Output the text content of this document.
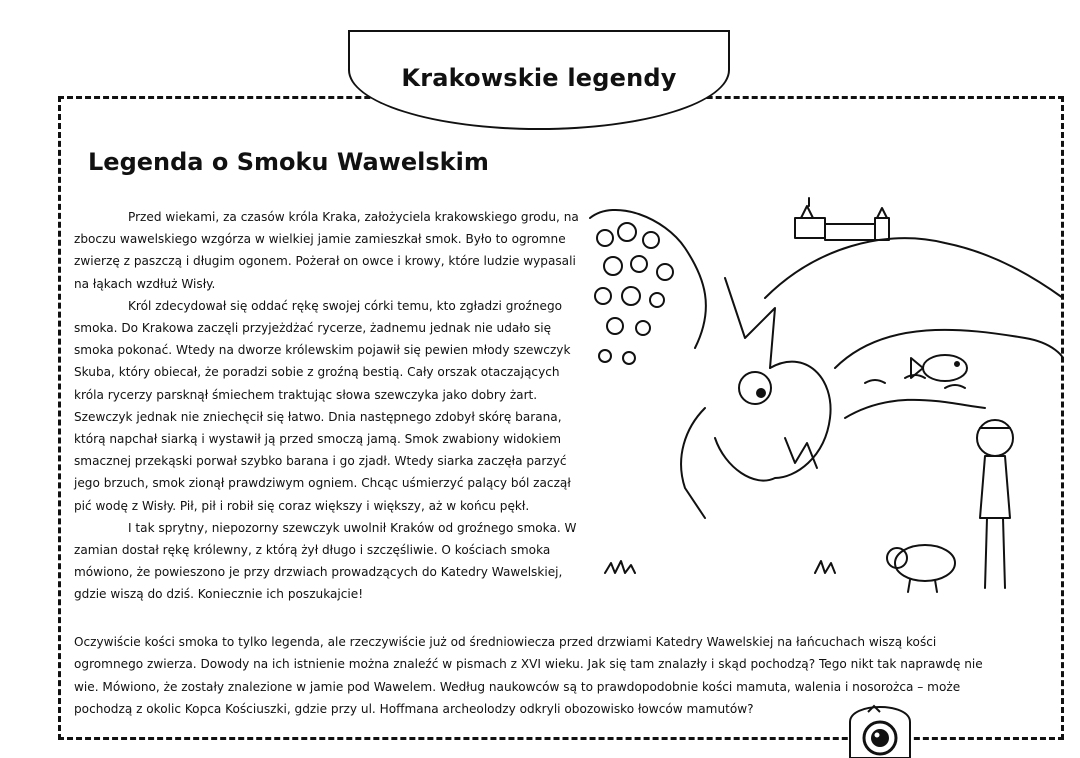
Krakowskie legendy
Legenda o Smoku Wawelskim

Przed wiekami, za czasów króla Kraka, założyciela krakowskiego grodu, na zboczu wawelskiego wzgórza w wielkiej jamie zamieszkał smok. Było to ogromne zwierzę z paszczą i długim ogonem. Pożerał on owce i krowy, które ludzie wypasali na łąkach wzdłuż Wisły.

Król zdecydował się oddać rękę swojej córki temu, kto zgładzi groźnego smoka. Do Krakowa zaczęli przyjeżdżać rycerze, żadnemu jednak nie udało się smoka pokonać. Wtedy na dworze królewskim pojawił się pewien młody szewczyk Skuba, który obiecał, że poradzi sobie z groźną bestią. Cały orszak otaczających króla rycerzy parsknął śmiechem traktując słowa szewczyka jako dobry żart. Szewczyk jednak nie zniechęcił się łatwo. Dnia następnego zdobył skórę barana, którą napchał siarką i wystawił ją przed smoczą jamą. Smok zwabiony widokiem smacznej przekąski porwał szybko barana i go zjadł. Wtedy siarka zaczęła parzyć jego brzuch, smok zionął prawdziwym ogniem. Chcąc uśmierzyć palący ból zaczął pić wodę z Wisły. Pił, pił i robił się coraz większy i większy, aż w końcu pękł.

I tak sprytny, niepozorny szewczyk uwolnił Kraków od groźnego smoka. W zamian dostał rękę królewny, z którą żył długo i szczęśliwie. O kościach smoka mówiono, że powieszono je przy drzwiach prowadzących do Katedry Wawelskiej, gdzie wiszą do dziś. Koniecznie ich poszukajcie!

Oczywiście kości smoka to tylko legenda, ale rzeczywiście już od średniowiecza przed drzwiami Katedry Wawelskiej na łańcuchach wiszą kości ogromnego zwierza. Dowody na ich istnienie można znaleźć w pismach z XVI wieku. Jak się tam znalazły i skąd pochodzą? Tego nikt tak naprawdę nie wie. Mówiono, że zostały znalezione w jamie pod Wawelem. Według naukowców są to prawdopodobnie kości mamuta, walenia i nosorożca – może pochodzą z okolic Kopca Kościuszki, gdzie przy ul. Hoffmana archeolodzy odkryli obozowisko łowców mamutów?
